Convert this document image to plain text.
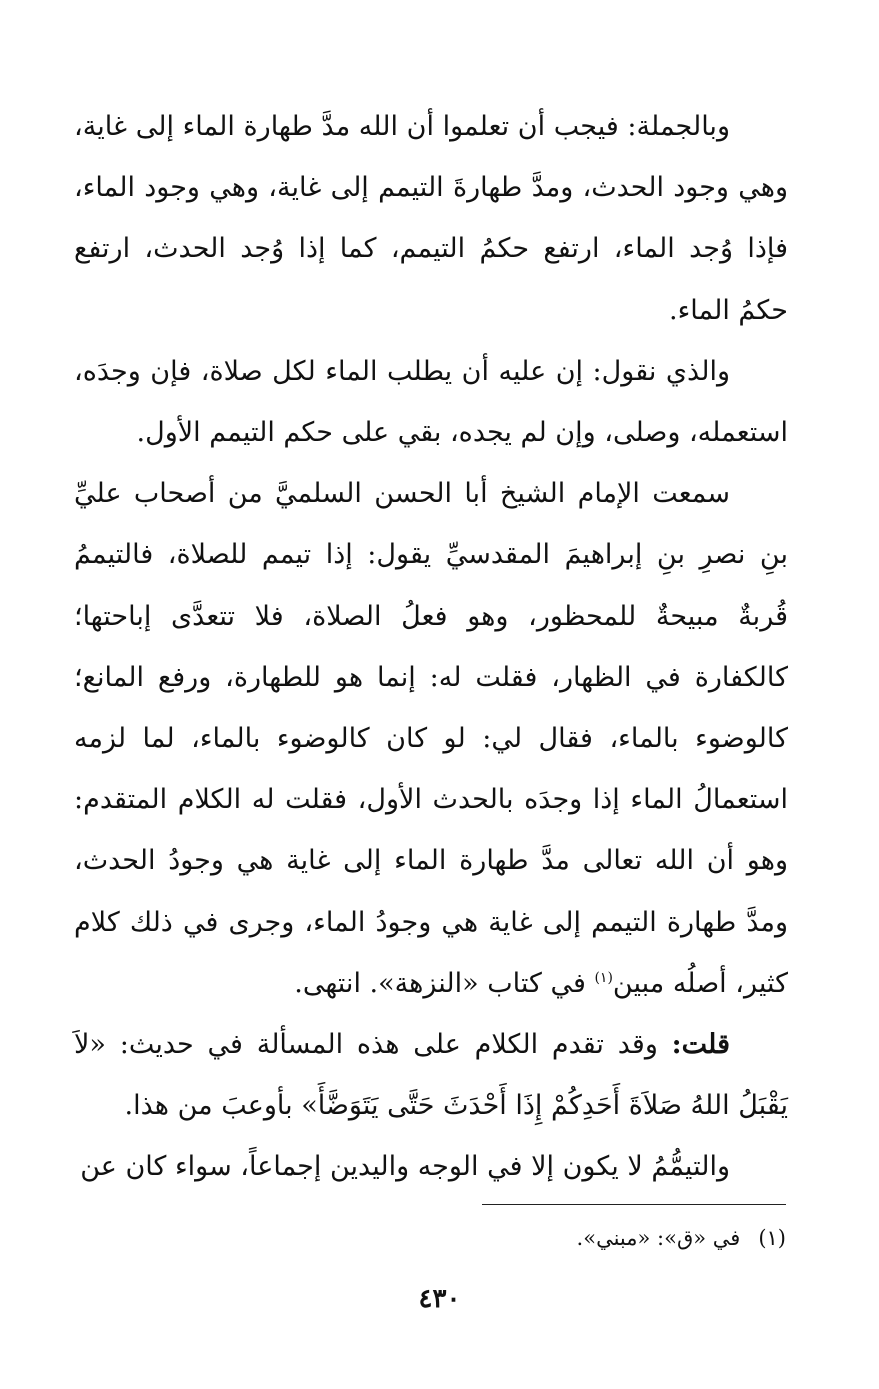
وبالجملة: فيجب أن تعلموا أن الله مدَّ طهارة الماء إلى غاية، وهي وجود الحدث، ومدَّ طهارةَ التيمم إلى غاية، وهي وجود الماء، فإذا وُجد الماء، ارتفع حكمُ التيمم، كما إذا وُجد الحدث، ارتفع حكمُ الماء.

والذي نقول: إن عليه أن يطلب الماء لكل صلاة، فإن وجدَه، استعمله، وصلى، وإن لم يجده، بقي على حكم التيمم الأول.

سمعت الإمام الشيخ أبا الحسن السلميَّ من أصحاب عليِّ بنِ نصرِ بنِ إبراهيمَ المقدسيِّ يقول: إذا تيمم للصلاة، فالتيممُ قُربةٌ مبيحةٌ للمحظور، وهو فعلُ الصلاة، فلا تتعدَّى إباحتها؛ كالكفارة في الظهار، فقلت له: إنما هو للطهارة، ورفع المانع؛ كالوضوء بالماء، فقال لي: لو كان كالوضوء بالماء، لما لزمه استعمالُ الماء إذا وجدَه بالحدث الأول، فقلت له الكلام المتقدم: وهو أن الله تعالى مدَّ طهارة الماء إلى غاية هي وجودُ الحدث، ومدَّ طهارة التيمم إلى غاية هي وجودُ الماء، وجرى في ذلك كلام كثير، أصلُه مبين$^{(١)}$ في كتاب «النزهة». انتهى.

قلت: وقد تقدم الكلام على هذه المسألة في حديث: «لاَ يَقْبَلُ اللهُ صَلاَةَ أَحَدِكُمْ إِذَا أَحْدَثَ حَتَّى يَتَوَضَّأَ» بأوعبَ من هذا.

والتيمُّمُ لا يكون إلا في الوجه واليدين إجماعاً، سواء كان عن

(١)في «ق»: «مبني».
٤٣٠
